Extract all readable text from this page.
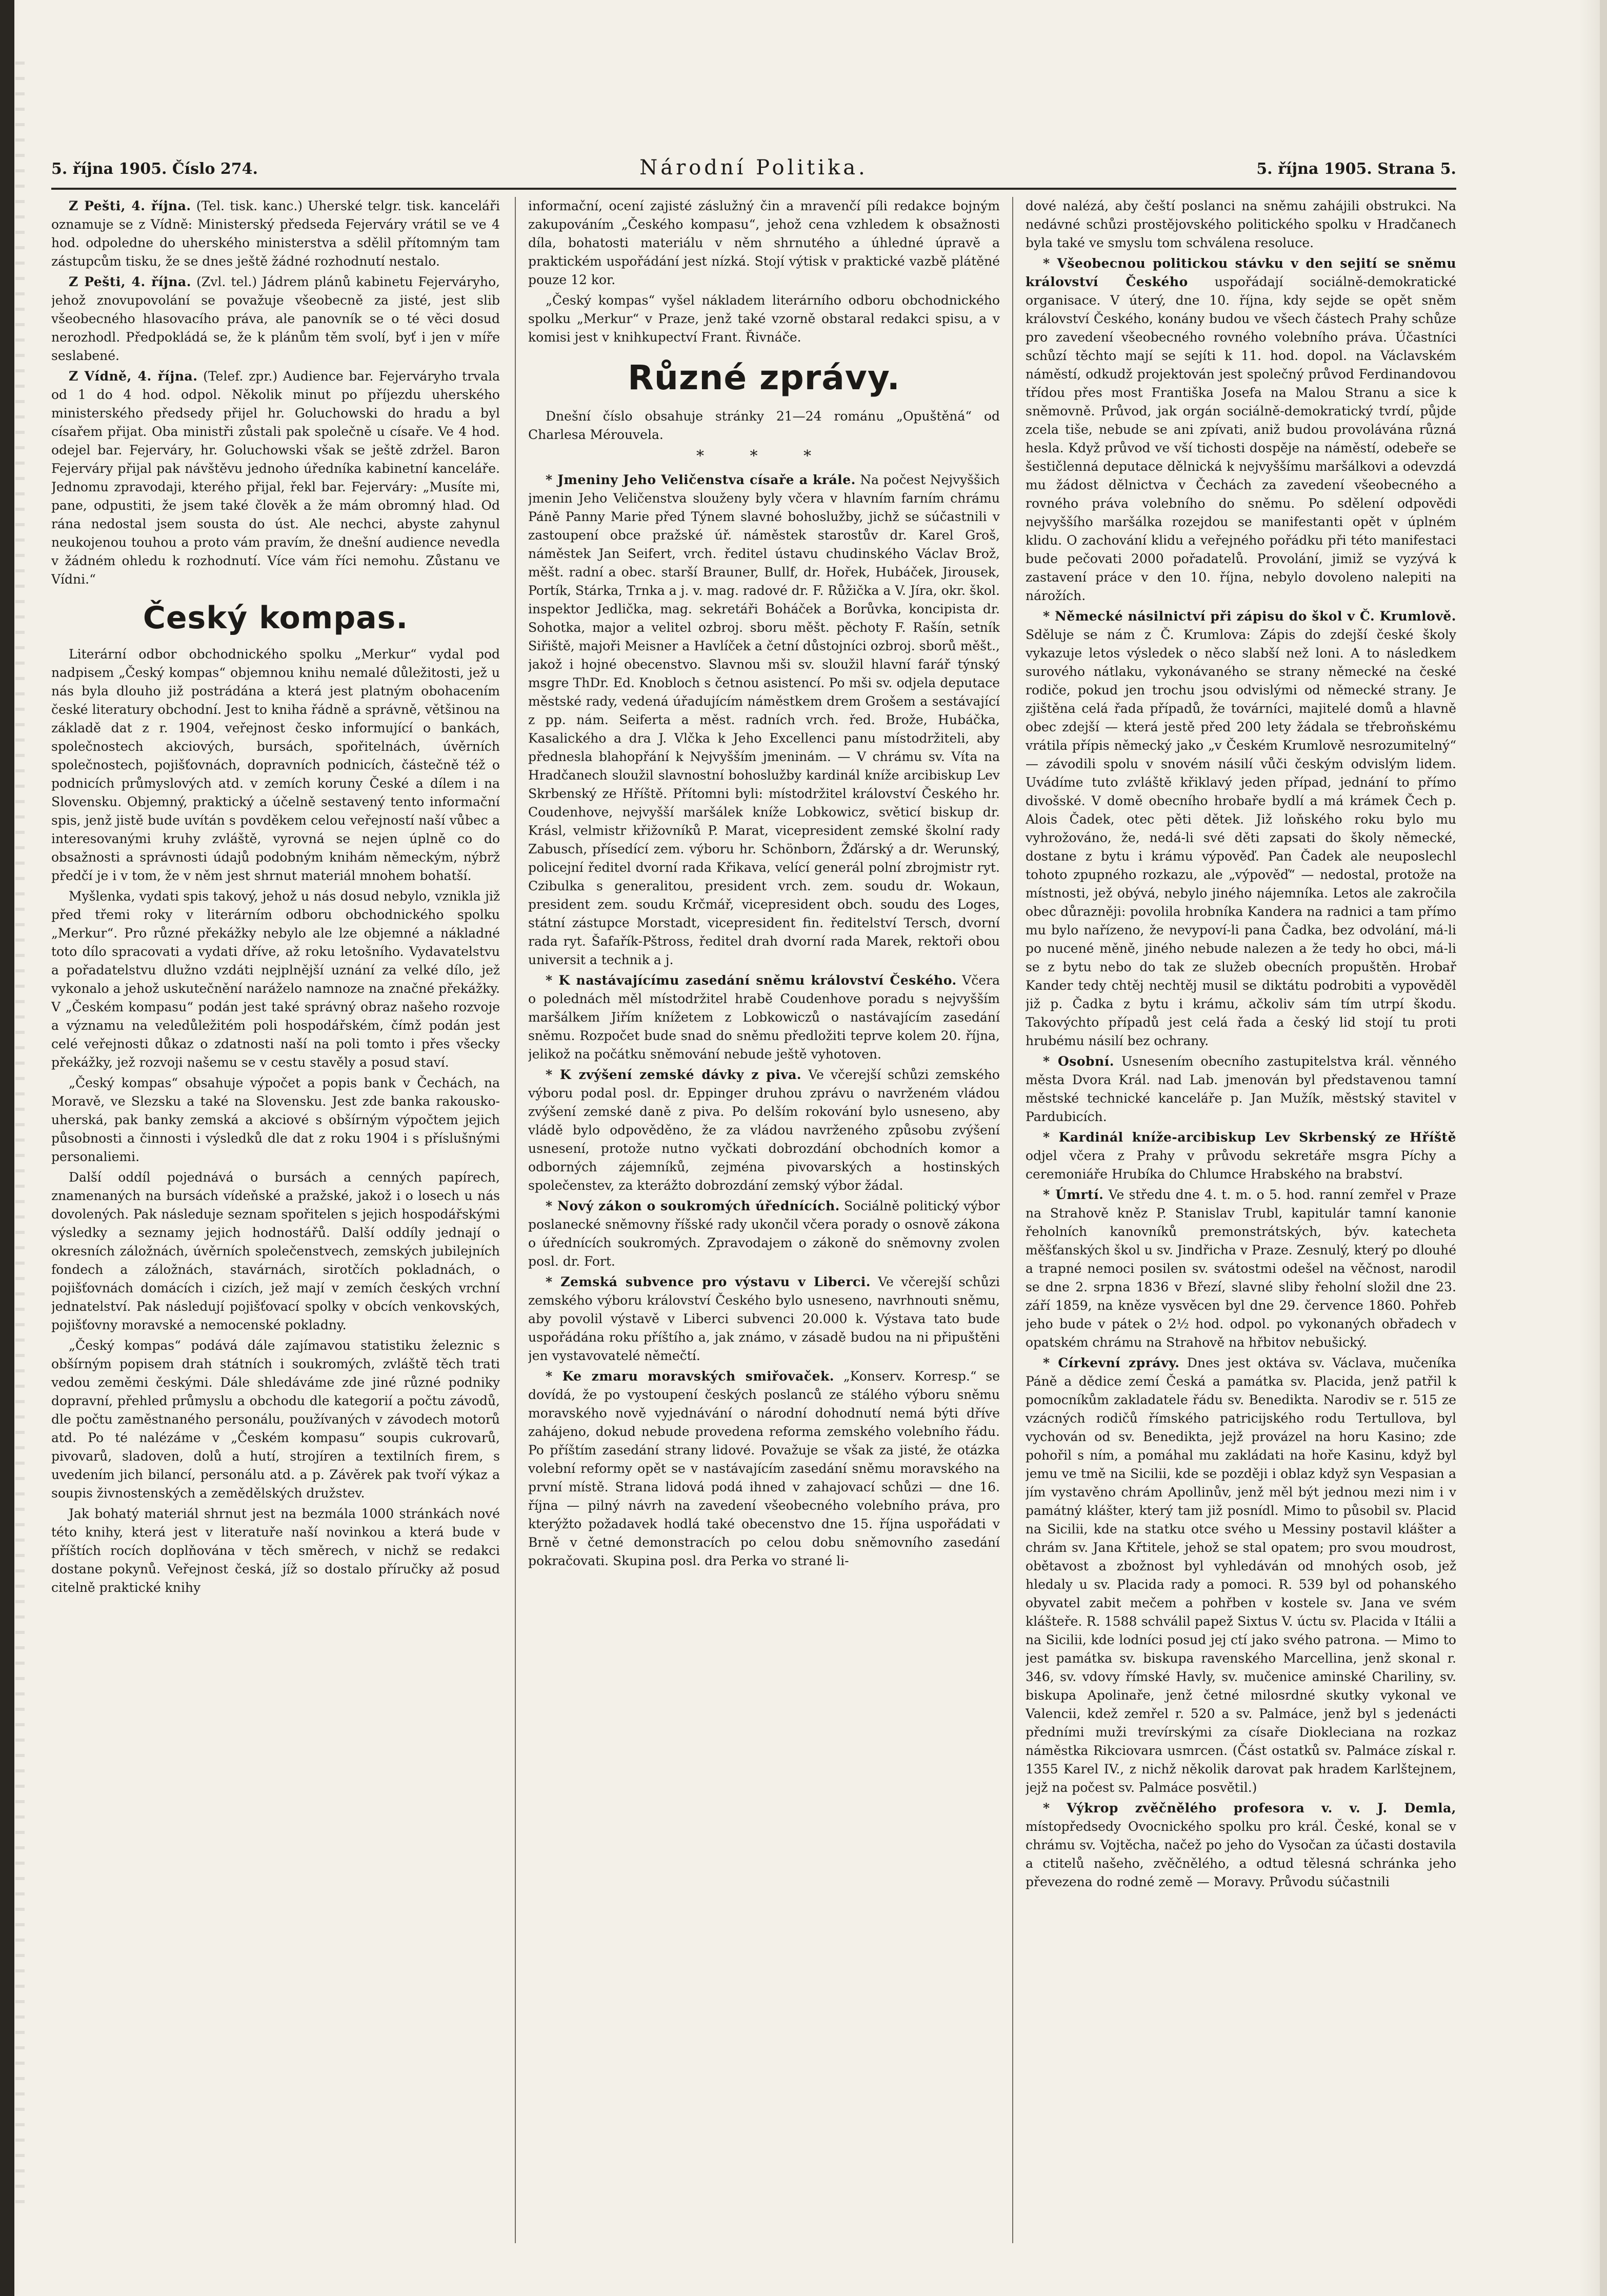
5. října 1905. Číslo 274.	Národní Politika.	5. října 1905. Strana 5.

Z Pešti, 4. října. (Tel. tisk. kanc.) Uherské telgr. tisk. kanceláři oznamuje se z Vídně: Ministerský předseda Fejerváry vrátil se ve 4 hod. odpoledne do uherského ministerstva a sdělil přítomným tam zástupcům tisku, že se dnes ještě žádné rozhodnutí nestalo.

Z Pešti, 4. října. (Zvl. tel.) Jádrem plánů kabinetu Fejerváryho, jehož znovupovolání se považuje všeobecně za jisté, jest slib všeobecného hlasovacího práva, ale panovník se o té věci dosud nerozhodl. Předpokládá se, že k plánům těm svolí, byť i jen v míře seslabené.

Z Vídně, 4. října. (Telef. zpr.) Audience bar. Fejerváryho trvala od 1 do 4 hod. odpol. Několik minut po příjezdu uherského ministerského předsedy přijel hr. Goluchowski do hradu a byl císařem přijat. Oba ministři zůstali pak společně u císaře. Ve 4 hod. odejel bar. Fejerváry, hr. Goluchowski však se ještě zdržel. Baron Fejerváry přijal pak návštěvu jednoho úředníka kabinetní kanceláře. Jednomu zpravodaji, kterého přijal, řekl bar. Fejerváry: „Musíte mi, pane, odpustiti, že jsem také člověk a že mám obromný hlad. Od rána nedostal jsem sousta do úst. Ale nechci, abyste zahynul neukojenou touhou a proto vám pravím, že dnešní audience nevedla v žádném ohledu k rozhodnutí. Více vám říci nemohu. Zůstanu ve Vídni.“

Český kompas.

Literární odbor obchodnického spolku „Merkur“ vydal pod nadpisem „Český kompas“ objemnou knihu nemalé důležitosti, jež u nás byla dlouho již postrádána a která jest platným obohacením české literatury obchodní. Jest to kniha řádně a správně, většinou na základě dat z r. 1904, veřejnost česko informující o bankách, společnostech akciových, bursách, spořitelnách, úvěrních společnostech, pojišťovnách, dopravních podnicích, částečně též o podnicích průmyslových atd. v zemích koruny České a dílem i na Slovensku. Objemný, praktický a účelně sestavený tento informační spis, jenž jistě bude uvítán s povděkem celou veřejností naší vůbec a interesovanými kruhy zvláště, vyrovná se nejen úplně co do obsažnosti a správnosti údajů podobným knihám německým, nýbrž předčí je i v tom, že v něm jest shrnut materiál mnohem bohatší.

Myšlenka, vydati spis takový, jehož u nás dosud nebylo, vznikla již před třemi roky v literárním odboru obchodnického spolku „Merkur“. Pro různé překážky nebylo ale lze objemné a nákladné toto dílo spracovati a vydati dříve, až roku letošního. Vydavatelstvu a pořadatelstvu dlužno vzdáti nejplnější uznání za velké dílo, jež vykonalo a jehož uskutečnění naráželo namnoze na značné překážky. V „Českém kompasu“ podán jest také správný obraz našeho rozvoje a významu na veledůležitém poli hospodářském, čímž podán jest celé veřejnosti důkaz o zdatnosti naší na poli tomto i přes všecky překážky, jež rozvoji našemu se v cestu stavěly a posud staví.

„Český kompas“ obsahuje výpočet a popis bank v Čechách, na Moravě, ve Slezsku a také na Slovensku. Jest zde banka rakousko-uherská, pak banky zemská a akciové s obšírným výpočtem jejich působnosti a činnosti i výsledků dle dat z roku 1904 i s příslušnými personaliemi.

Další oddíl pojednává o bursách a cenných papírech, znamenaných na bursách vídeňské a pražské, jakož i o losech u nás dovolených. Pak následuje seznam spořitelen s jejich hospodářskými výsledky a seznamy jejich hodnostářů. Další oddíly jednají o okresních záložnách, úvěrních společenstvech, zemských jubilejních fondech a záložnách, stavárnách, sirotčích pokladnách, o pojišťovnách domácích i cizích, jež mají v zemích českých vrchní jednatelství. Pak následují pojišťovací spolky v obcích venkovských, pojišťovny moravské a nemocenské pokladny.

„Český kompas“ podává dále zajímavou statistiku železnic s obšírným popisem drah státních i soukromých, zvláště těch trati vedou zeměmi českými. Dále shledáváme zde jiné různé podniky dopravní, přehled průmyslu a obchodu dle kategorií a počtu závodů, dle počtu zaměstnaného personálu, používaných v závodech motorů atd. Po té nalézáme v „Českém kompasu“ soupis cukrovarů, pivovarů, sladoven, dolů a hutí, strojíren a textilních firem, s uvedením jich bilancí, personálu atd. a p. Závěrek pak tvoří výkaz a soupis živnostenských a zemědělských družstev.

Jak bohatý materiál shrnut jest na bezmála 1000 stránkách nové této knihy, která jest v literatuře naší novinkou a která bude v příštích rocích doplňována v těch směrech, v nichž se redakci dostane pokynů. Veřejnost česká, jíž so dostalo příručky až posud citelně praktické knihy

informační, ocení zajisté záslužný čin a mravenčí píli redakce bojným zakupováním „Českého kompasu“, jehož cena vzhledem k obsažnosti díla, bohatosti materiálu v něm shrnutého a úhledné úpravě a praktickém uspořádání jest nízká. Stojí výtisk v praktické vazbě plátěné pouze 12 kor.

„Český kompas“ vyšel nákladem literárního odboru obchodnického spolku „Merkur“ v Praze, jenž také vzorně obstaral redakci spisu, a v komisi jest v knihkupectví Frant. Řivnáče.

Různé zprávy.

Dnešní číslo obsahuje stránky 21—24 románu „Opuštěná“ od Charlesa Mérouvela.

* * *

* Jmeniny Jeho Veličenstva císaře a krále. Na počest Nejvyššich jmenin Jeho Veličenstva slouženy byly včera v hlavním farním chrámu Páně Panny Marie před Týnem slavné bohoslužby, jichž se súčastnili v zastoupení obce pražské úř. náměstek starostův dr. Karel Groš, náměstek Jan Seifert, vrch. ředitel ústavu chudinského Václav Brož, měšt. radní a obec. starší Brauner, Bullf, dr. Hořek, Hubáček, Jirousek, Portík, Stárka, Trnka a j. v. mag. radové dr. F. Růžička a V. Jíra, okr. škol. inspektor Jedlička, mag. sekretáři Boháček a Borůvka, koncipista dr. Sohotka, major a velitel ozbroj. sboru měšt. pěchoty F. Rašín, setník Siřiště, majoři Meisner a Havlíček a četní důstojníci ozbroj. sborů měšt., jakož i hojné obecenstvo. Slavnou mši sv. sloužil hlavní farář týnský msgre ThDr. Ed. Knobloch s četnou asistencí. Po mši sv. odjela deputace městské rady, vedená úřadujícím náměstkem drem Grošem a sestávající z pp. nám. Seiferta a měst. radních vrch. řed. Brože, Hubáčka, Kasalického a dra J. Vlčka k Jeho Excellenci panu místodržiteli, aby přednesla blahopřání k Nejvyšším jmeninám. — V chrámu sv. Víta na Hradčanech sloužil slavnostní bohoslužby kardinál kníže arcibiskup Lev Skrbenský ze Hříště. Přítomni byli: místodržitel království Českého hr. Coudenhove, nejvyšší maršálek kníže Lobkowicz, světicí biskup dr. Krásl, velmistr křižovníků P. Marat, vicepresident zemské školní rady Zabusch, přísedící zem. výboru hr. Schönborn, Žďárský a dr. Werunský, policejní ředitel dvorní rada Křikava, velící generál polní zbrojmistr ryt. Czibulka s generalitou, president vrch. zem. soudu dr. Wokaun, president zem. soudu Krčmář, vicepresident obch. soudu des Loges, státní zástupce Morstadt, vicepresident fin. ředitelství Tersch, dvorní rada ryt. Šafařík-Pštross, ředitel drah dvorní rada Marek, rektoři obou universit a technik a j.

* K nastávajícímu zasedání sněmu království Českého. Včera o polednách měl místodržitel hrabě Coudenhove poradu s nejvyšším maršálkem Jiřím knížetem z Lobkowiczů o nastávajícím zasedání sněmu. Rozpočet bude snad do sněmu předložiti teprve kolem 20. října, jelikož na počátku sněmování nebude ještě vyhotoven.

* K zvýšení zemské dávky z piva. Ve včerejší schůzi zemského výboru podal posl. dr. Eppinger druhou zprávu o navrženém vládou zvýšení zemské daně z piva. Po delším rokování bylo usneseno, aby vládě bylo odpověděno, že za vládou navrženého způsobu zvýšení usnesení, protože nutno vyčkati dobrozdání obchodních komor a odborných zájemníků, zejména pivovarských a hostinských společenstev, za kterážto dobrozdání zemský výbor žádal.

* Nový zákon o soukromých úřednících. Sociálně politický výbor poslanecké sněmovny říšské rady ukončil včera porady o osnově zákona o úřednících soukromých. Zpravodajem o zákoně do sněmovny zvolen posl. dr. Fort.

* Zemská subvence pro výstavu v Liberci. Ve včerejší schůzi zemského výboru království Českého bylo usneseno, navrhnouti sněmu, aby povolil výstavě v Liberci subvenci 20.000 k. Výstava tato bude uspořádána roku příštího a, jak známo, v zásadě budou na ni připuštěni jen vystavovatelé němečtí.

* Ke zmaru moravských smiřovaček. „Konserv. Korresp.“ se dovídá, že po vystoupení českých poslanců ze stálého výboru sněmu moravského nově vyjednávání o národní dohodnutí nemá býti dříve zahájeno, dokud nebude provedena reforma zemského volebního řádu. Po příštím zasedání strany lidové. Považuje se však za jisté, že otázka volební reformy opět se v nastávajícím zasedání sněmu moravského na první místě. Strana lidová podá ihned v zahajovací schůzi — dne 16. října — pilný návrh na zavedení všeobecného volebního práva, pro kterýžto požadavek hodlá také obecenstvo dne 15. října uspořádati v Brně v četné demonstracích po celou dobu sněmovního zasedání pokračovati. Skupina posl. dra Perka vo strané li-

dové nalézá, aby čeští poslanci na sněmu zahájili obstrukci. Na nedávné schůzi prostějovského politického spolku v Hradčanech byla také ve smyslu tom schválena resoluce.

* Všeobecnou politickou stávku v den sejití se sněmu království Českého uspořádají sociálně-demokratické organisace. V úterý, dne 10. října, kdy sejde se opět sněm království Českého, konány budou ve všech částech Prahy schůze pro zavedení všeobecného rovného volebního práva. Účastníci schůzí těchto mají se sejíti k 11. hod. dopol. na Václavském náměstí, odkudž projektován jest společný průvod Ferdinandovou třídou přes most Františka Josefa na Malou Stranu a sice k sněmovně. Průvod, jak orgán sociálně-demokratický tvrdí, půjde zcela tiše, nebude se ani zpívati, aniž budou provolávána různá hesla. Když průvod ve vší tichosti dospěje na náměstí, odebeře se šestičlenná deputace dělnická k nejvyššímu maršálkovi a odevzdá mu žádost dělnictva v Čechách za zavedení všeobecného a rovného práva volebního do sněmu. Po sdělení odpovědi nejvyššího maršálka rozejdou se manifestanti opět v úplném klidu. O zachování klidu a veřejného pořádku při této manifestaci bude pečovati 2000 pořadatelů. Provolání, jimiž se vyzývá k zastavení práce v den 10. října, nebylo dovoleno nalepiti na nárožích.

* Německé násilnictví při zápisu do škol v Č. Krumlově. Sděluje se nám z Č. Krumlova: Zápis do zdejší české školy vykazuje letos výsledek o něco slabší než loni. A to následkem surového nátlaku, vykonávaného se strany německé na české rodiče, pokud jen trochu jsou odvislými od německé strany. Je zjištěna celá řada případů, že továrníci, majitelé domů a hlavně obec zdejší — která jestě před 200 lety žádala se třebroňskému vrátila přípis německý jako „v Českém Krumlově nesrozumitelný“ — závodili spolu v snovém násilí vůči českým odvislým lidem. Uvádíme tuto zvláště křiklavý jeden případ, jednání to přímo divošské. V domě obecního hrobaře bydlí a má krámek Čech p. Alois Čadek, otec pěti dětek. Již loňského roku bylo mu vyhrožováno, že, nedá-li své děti zapsati do školy německé, dostane z bytu i krámu výpověď. Pan Čadek ale neuposlechl tohoto zpupného rozkazu, ale „výpověď“ — nedostal, protože na místnosti, jež obývá, nebylo jiného nájemníka. Letos ale zakročila obec důrazněji: povolila hrobníka Kandera na radnici a tam přímo mu bylo nařízeno, že nevypoví-li pana Čadka, bez odvolání, má-li po nucené měně, jiného nebude nalezen a že tedy ho obci, má-li se z bytu nebo do tak ze služeb obecních propuštěn. Hrobař Kander tedy chtěj nechtěj musil se diktátu podrobiti a vypověděl již p. Čadka z bytu i krámu, ačkoliv sám tím utrpí škodu. Takovýchto případů jest celá řada a český lid stojí tu proti hrubému násilí bez ochrany.

* Osobní. Usnesením obecního zastupitelstva král. věnného města Dvora Král. nad Lab. jmenován byl představenou tamní městské technické kanceláře p. Jan Mužík, městský stavitel v Pardubicích.

* Kardinál kníže-arcibiskup Lev Skrbenský ze Hříště odjel včera z Prahy v průvodu sekretáře msgra Píchy a ceremoniáře Hrubíka do Chlumce Hrabského na brabství.

* Úmrtí. Ve středu dne 4. t. m. o 5. hod. ranní zemřel v Praze na Strahově kněz P. Stanislav Trubl, kapitulár tamní kanonie řeholních kanovníků premonstrátských, býv. katecheta měšťanských škol u sv. Jindřicha v Praze. Zesnulý, který po dlouhé a trapné nemoci posilen sv. svátostmi odešel na věčnost, narodil se dne 2. srpna 1836 v Březí, slavné sliby řeholní složil dne 23. září 1859, na kněze vysvěcen byl dne 29. července 1860. Pohřeb jeho bude v pátek o 2½ hod. odpol. po vykonaných obřadech v opatském chrámu na Strahově na hřbitov nebušický.

* Církevní zprávy. Dnes jest oktáva sv. Václava, mučeníka Páně a dědice zemí Česká a památka sv. Placida, jenž patřil k pomocníkům zakladatele řádu sv. Benedikta. Narodiv se r. 515 ze vzácných rodičů římského patricijského rodu Tertullova, byl vychován od sv. Benedikta, jejž provázel na horu Kasino; zde pohořil s ním, a pomáhal mu zakládati na hoře Kasinu, když byl jemu ve tmě na Sicilii, kde se později i oblaz když syn Vespasian a jím vystavěno chrám Apollinův, jenž měl být jednou mezi nim i v památný klášter, který tam již posnídl. Mimo to působil sv. Placid na Sicilii, kde na statku otce svého u Messiny postavil klášter a chrám sv. Jana Křtitele, jehož se stal opatem; pro svou moudrost, obětavost a zbožnost byl vyhledáván od mnohých osob, jež hledaly u sv. Placida rady a pomoci. R. 539 byl od pohanského obyvatel zabit mečem a pohřben v kostele sv. Jana ve svém klášteře. R. 1588 schválil papež Sixtus V. úctu sv. Placida v Itálii a na Sicilii, kde lodníci posud jej ctí jako svého patrona. — Mimo to jest památka sv. biskupa ravenského Marcellina, jenž skonal r. 346, sv. vdovy římské Havly, sv. mučenice aminské Chariliny, sv. biskupa Apolinaře, jenž četné milosrdné skutky vykonal ve Valencii, kdež zemřel r. 520 a sv. Palmáce, jenž byl s jedenácti předními muži trevírskými za císaře Diokleciana na rozkaz náměstka Rikciovara usmrcen. (Část ostatků sv. Palmáce získal r. 1355 Karel IV., z nichž několik darovat pak hradem Karlštejnem, jejž na počest sv. Palmáce posvětil.)

* Výkrop zvěčnělého profesora v. v. J. Demla, místopředsedy Ovocnického spolku pro král. České, konal se v chrámu sv. Vojtěcha, načež po jeho do Vysočan za účasti dostavila a ctitelů našeho, zvěčnělého, a odtud tělesná schránka jeho převezena do rodné země — Moravy. Průvodu súčastnili
